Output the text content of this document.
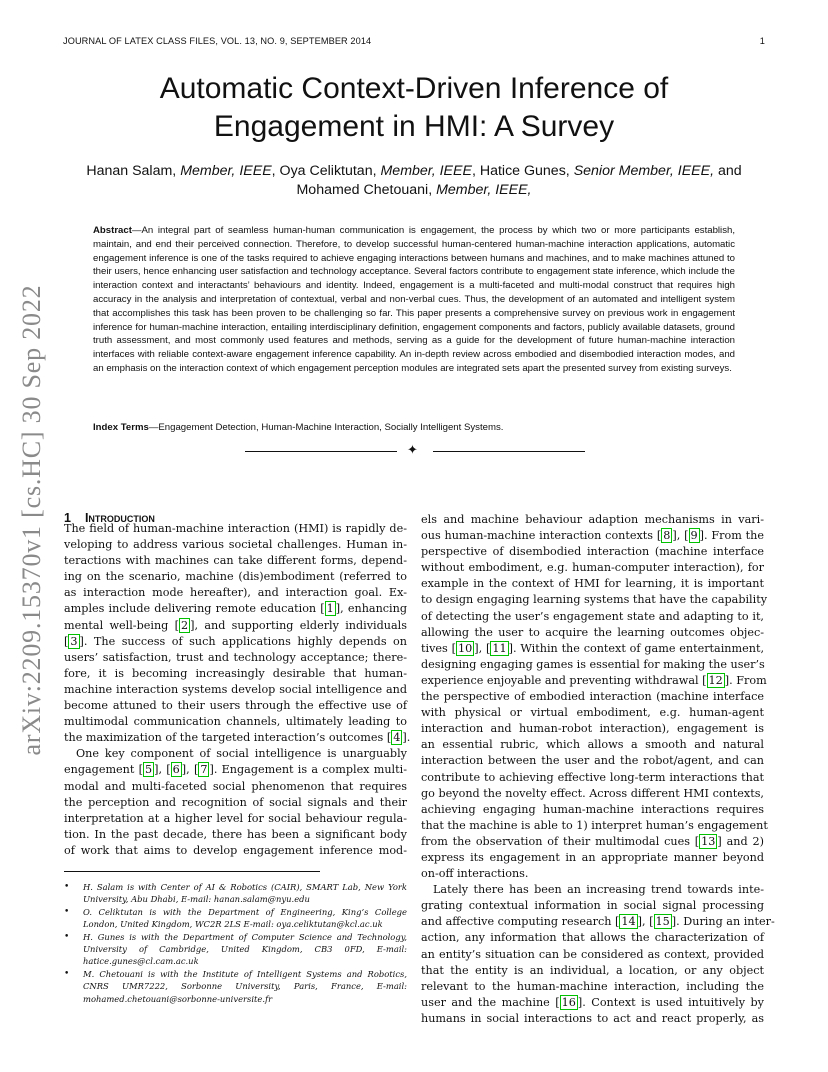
JOURNAL OF LATEX CLASS FILES, VOL. 13, NO. 9, SEPTEMBER 2014	1
Automatic Context-Driven Inference of
Engagement in HMI: A Survey
Hanan Salam, Member, IEEE, Oya Celiktutan, Member, IEEE, Hatice Gunes, Senior Member, IEEE, and
Mohamed Chetouani, Member, IEEE,
Abstract—An integral part of seamless human-human communication is engagement, the process by which two or more participants establish, maintain, and end their perceived connection. Therefore, to develop successful human-centered human-machine interaction applications, automatic engagement inference is one of the tasks required to achieve engaging interactions between humans and machines, and to make machines attuned to their users, hence enhancing user satisfaction and technology acceptance. Several factors contribute to engagement state inference, which include the interaction context and interactants’ behaviours and identity. Indeed, engagement is a multi-faceted and multi-modal construct that requires high accuracy in the analysis and interpretation of contextual, verbal and non-verbal cues. Thus, the development of an automated and intelligent system that accomplishes this task has been proven to be challenging so far. This paper presents a comprehensive survey on previous work in engagement inference for human-machine interaction, entailing interdisciplinary definition, engagement components and factors, publicly available datasets, ground truth assessment, and most commonly used features and methods, serving as a guide for the development of future human-machine interaction interfaces with reliable context-aware engagement inference capability. An in-depth review across embodied and disembodied interaction modes, and an emphasis on the interaction context of which engagement perception modules are integrated sets apart the presented survey from existing surveys.
Index Terms—Engagement Detection, Human-Machine Interaction, Socially Intelligent Systems.
✦
arXiv:2209.15370v1 [cs.HC] 30 Sep 2022	1 Introduction
The field of human-machine interaction (HMI) is rapidly de-
veloping to address various societal challenges. Human in-
teractions with machines can take different forms, depend-
ing on the scenario, machine (dis)embodiment (referred to
as interaction mode hereafter), and interaction goal. Ex-
amples include delivering remote education [ 1 ], enhancing
mental well-being [ 2 ], and supporting elderly individuals
[ 3 ]. The success of such applications highly depends on
users’ satisfaction, trust and technology acceptance; there-
fore, it is becoming increasingly desirable that human-
machine interaction systems develop social intelligence and
become attuned to their users through the effective use of
multimodal communication channels, ultimately leading to
the maximization of the targeted interaction’s outcomes [ 4 ].
One key component of social intelligence is unarguably
engagement [ 5 ], [ 6 ], [ 7 ]. Engagement is a complex multi-
modal and multi-faceted social phenomenon that requires
the perception and recognition of social signals and their
interpretation at a higher level for social behaviour regula-
tion. In the past decade, there has been a significant body
of work that aims to develop engagement inference mod-
els and machine behaviour adaption mechanisms in vari-
ous human-machine interaction contexts [ 8 ], [ 9 ]. From the
perspective of disembodied interaction (machine interface
without embodiment, e.g. human-computer interaction), for
example in the context of HMI for learning, it is important
to design engaging learning systems that have the capability
of detecting the user’s engagement state and adapting to it,
allowing the user to acquire the learning outcomes objec-
tives [ 10 ], [ 11 ]. Within the context of game entertainment,
designing engaging games is essential for making the user’s
experience enjoyable and preventing withdrawal [ 12 ]. From
the perspective of embodied interaction (machine interface
with physical or virtual embodiment, e.g. human-agent
interaction and human-robot interaction), engagement is
an essential rubric, which allows a smooth and natural
interaction between the user and the robot/agent, and can
contribute to achieving effective long-term interactions that
go beyond the novelty effect. Across different HMI contexts,
achieving engaging human-machine interactions requires
that the machine is able to 1) interpret human’s engagement
from the observation of their multimodal cues [ 13 ] and 2)
express its engagement in an appropriate manner beyond
on-off interactions.
Lately there has been an increasing trend towards inte-
grating contextual information in social signal processing
and affective computing research [ 14 ], [ 15 ]. During an inter-
action, any information that allows the characterization of
an entity’s situation can be considered as context, provided
that the entity is an individual, a location, or any object
relevant to the human-machine interaction, including the
user and the machine [ 16 ]. Context is used intuitively by
humans in social interactions to act and react properly, as
• H. Salam is with Center of AI & Robotics (CAIR), SMART Lab, New York University, Abu Dhabi, E-mail: hanan.salam@nyu.edu
• O. Celiktutan is with the Department of Engineering, King’s College London, United Kingdom, WC2R 2LS E-mail: oya.celiktutan@kcl.ac.uk
• H. Gunes is with the Department of Computer Science and Technology, University of Cambridge, United Kingdom, CB3 0FD, E-mail: hatice.gunes@cl.cam.ac.uk
• M. Chetouani is with the Institute of Intelligent Systems and Robotics, CNRS UMR7222, Sorbonne University, Paris, France, E-mail: mohamed.chetouani@sorbonne-universite.fr
